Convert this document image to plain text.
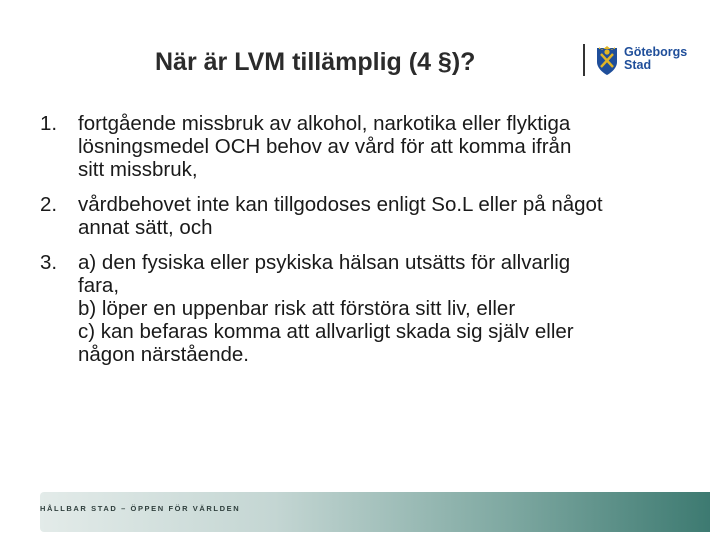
När är LVM tillämplig (4 §)?	Göteborgs
Stad
1. fortgående missbruk av alkohol, narkotika eller flyktiga
lösningsmedel OCH behov av vård för att komma ifrån
sitt missbruk,
2. vårdbehovet inte kan tillgodoses enligt So.L eller på något
annat sätt, och
3. a) den fysiska eller psykiska hälsan utsätts för allvarlig
fara,
b) löper en uppenbar risk att förstöra sitt liv, eller
c) kan befaras komma att allvarligt skada sig själv eller
någon närstående.
HÅLLBAR STAD – ÖPPEN FÖR VÄRLDEN
